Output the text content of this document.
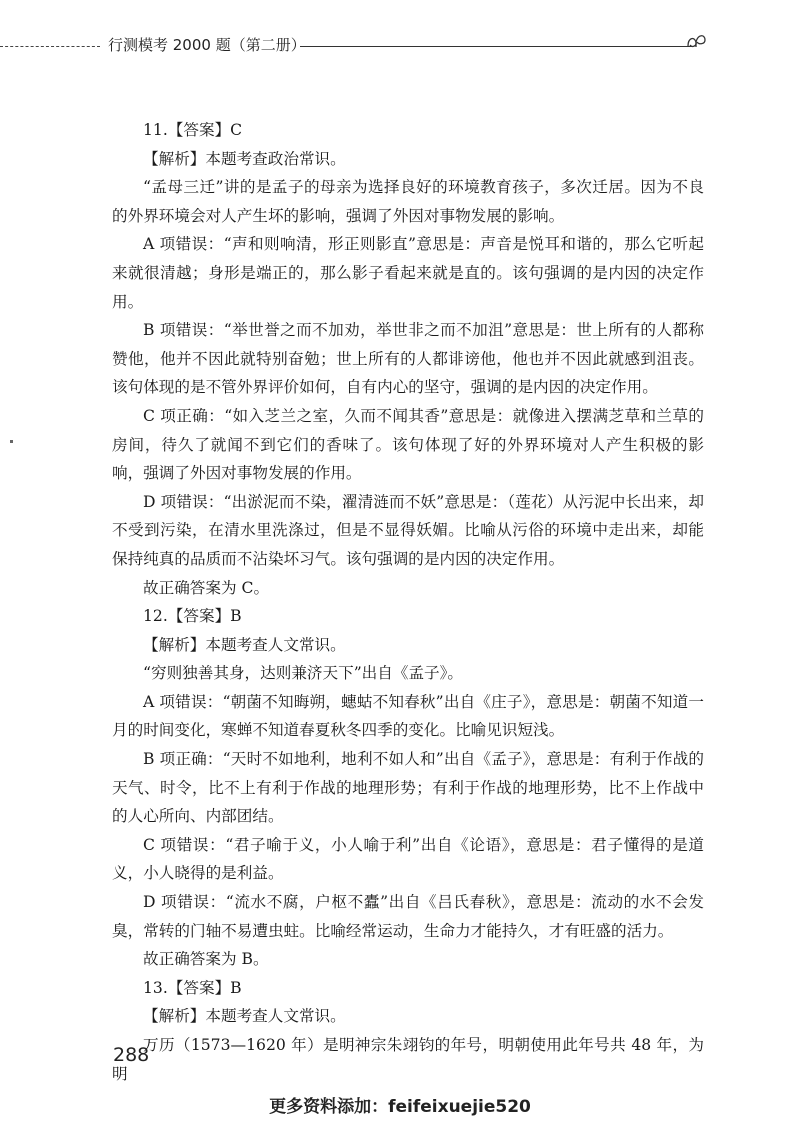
行测模考 2000 题（第二册）

11.【答案】C

【解析】本题考查政治常识。

“孟母三迁”讲的是孟子的母亲为选择良好的环境教育孩子，多次迁居。因为不良的外界环境会对人产生坏的影响，强调了外因对事物发展的影响。

A 项错误：“声和则响清，形正则影直”意思是：声音是悦耳和谐的，那么它听起来就很清越；身形是端正的，那么影子看起来就是直的。该句强调的是内因的决定作用。

B 项错误：“举世誉之而不加劝，举世非之而不加沮”意思是：世上所有的人都称赞他，他并不因此就特别奋勉；世上所有的人都诽谤他，他也并不因此就感到沮丧。该句体现的是不管外界评价如何，自有内心的坚守，强调的是内因的决定作用。

C 项正确：“如入芝兰之室，久而不闻其香”意思是：就像进入摆满芝草和兰草的房间，待久了就闻不到它们的香味了。该句体现了好的外界环境对人产生积极的影响，强调了外因对事物发展的作用。

D 项错误：“出淤泥而不染，濯清涟而不妖”意思是：（莲花）从污泥中长出来，却不受到污染，在清水里洗涤过，但是不显得妖媚。比喻从污俗的环境中走出来，却能保持纯真的品质而不沾染坏习气。该句强调的是内因的决定作用。

故正确答案为 C。

12.【答案】B

【解析】本题考查人文常识。

“穷则独善其身，达则兼济天下”出自《孟子》。

A 项错误：“朝菌不知晦朔，蟪蛄不知春秋”出自《庄子》，意思是：朝菌不知道一月的时间变化，寒蝉不知道春夏秋冬四季的变化。比喻见识短浅。

B 项正确：“天时不如地利，地利不如人和”出自《孟子》，意思是：有利于作战的天气、时令，比不上有利于作战的地理形势；有利于作战的地理形势，比不上作战中的人心所向、内部团结。

C 项错误：“君子喻于义，小人喻于利”出自《论语》，意思是：君子懂得的是道义，小人晓得的是利益。

D 项错误：“流水不腐，户枢不蠹”出自《吕氏春秋》，意思是：流动的水不会发臭，常转的门轴不易遭虫蛀。比喻经常运动，生命力才能持久，才有旺盛的活力。

故正确答案为 B。

13.【答案】B

【解析】本题考查人文常识。

万历（1573—1620 年）是明神宗朱翊钧的年号，明朝使用此年号共 48 年，为明

288
更多资料添加：feifeixuejie520
